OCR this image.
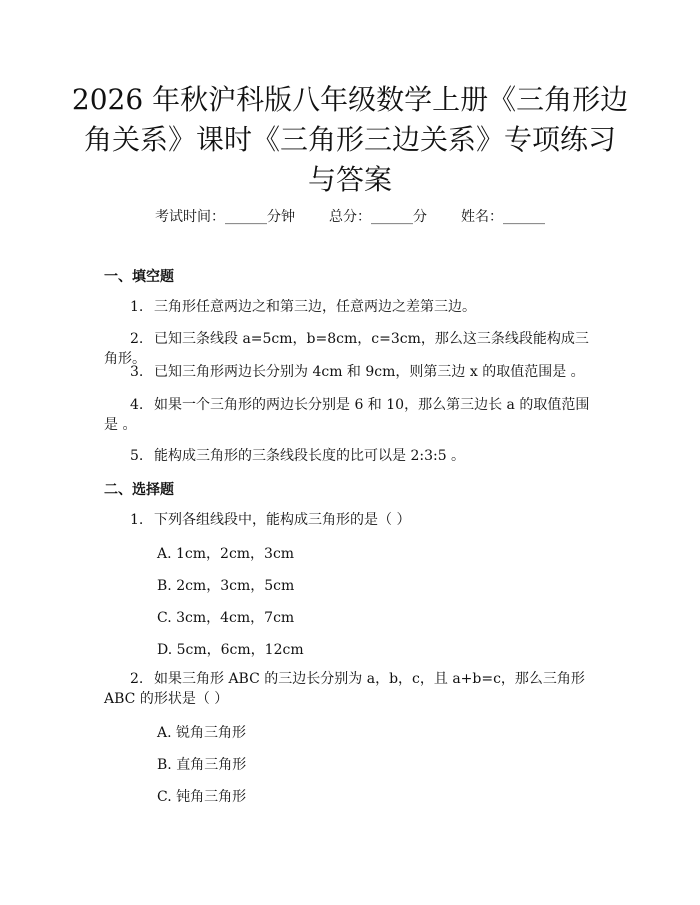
2026 年秋沪科版八年级数学上册《三角形边
角关系》课时《三角形三边关系》专项练习
与答案
考试时间：______分钟 总分：______分 姓名：______
一、填空题
1. 三角形任意两边之和第三边，任意两边之差第三边。
2. 已知三条线段 a=5cm，b=8cm，c=3cm，那么这三条线段能构成三角形。
3. 已知三角形两边长分别为 4cm 和 9cm，则第三边 x 的取值范围是 。
4. 如果一个三角形的两边长分别是 6 和 10，那么第三边长 a 的取值范围是 。
5. 能构成三角形的三条线段长度的比可以是 2:3:5 。
二、选择题
1. 下列各组线段中，能构成三角形的是（ ）
A. 1cm，2cm，3cm
B. 2cm，3cm，5cm
C. 3cm，4cm，7cm
D. 5cm，6cm，12cm
2. 如果三角形 ABC 的三边长分别为 a，b，c，且 a+b=c，那么三角形 ABC 的形状是（ ）
A. 锐角三角形
B. 直角三角形
C. 钝角三角形
